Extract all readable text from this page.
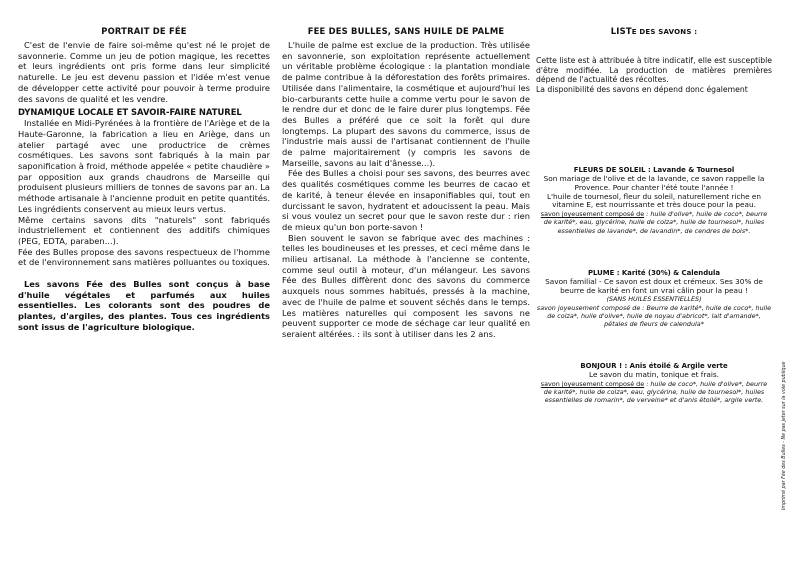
PORTRAIT DE FÉE

C'est de l'envie de faire soi-même qu'est né le projet de savonnerie. Comme un jeu de potion magique, les recettes et leurs ingrédients ont pris forme dans leur simplicité naturelle. Le jeu est devenu passion et l'idée m'est venue de développer cette activité pour pouvoir à terme produire des savons de qualité et les vendre.

DYNAMIQUE LOCALE ET SAVOIR-FAIRE NATUREL

Installée en Midi-Pyrénées à la frontière de l'Ariège et de la Haute-Garonne, la fabrication a lieu en Ariège, dans un atelier partagé avec une productrice de crèmes cosmétiques. Les savons sont fabriqués à la main par saponification à froid, méthode appelée « petite chaudière » par opposition aux grands chaudrons de Marseille qui produisent plusieurs milliers de tonnes de savons par an. La méthode artisanale à l'ancienne produit en petite quantités. Les ingrédients conservent au mieux leurs vertus.

Même certains savons dits "naturels" sont fabriqués industriellement et contiennent des additifs chimiques (PEG, EDTA, paraben...).

Fée des Bulles propose des savons respectueux de l'homme et de l'environnement sans matières polluantes ou toxiques.

Les savons Fée des Bulles sont conçus à base d'huile végétales et parfumés aux huiles essentielles. Les colorants sont des poudres de plantes, d'argiles, des plantes. Tous ces ingrédients sont issus de l'agriculture biologique.

FEE DES BULLES, SANS HUILE DE PALME

L'huile de palme est exclue de la production. Très utilisée en savonnerie, son exploitation représente actuellement un véritable problème écologique : la plantation mondiale de palme contribue à la déforestation des forêts primaires. Utilisée dans l'alimentaire, la cosmétique et aujourd'hui les bio-carburants cette huile a comme vertu pour le savon de le rendre dur et donc de le faire durer plus longtemps. Fée des Bulles a préféré que ce soit la forêt qui dure longtemps. La plupart des savons du commerce, issus de l'industrie mais aussi de l'artisanat contiennent de l'huile de palme majoritairement (y compris les savons de Marseille, savons au lait d'ânesse...).

Fée des Bulles a choisi pour ses savons, des beurres avec des qualités cosmétiques comme les beurres de cacao et de karité, à teneur élevée en insaponifiables qui, tout en durcissant le savon, hydratent et adoucissent la peau. Mais si vous voulez un secret pour que le savon reste dur : rien de mieux qu'un bon porte-savon !

Bien souvent le savon se fabrique avec des machines : telles les boudineuses et les presses, et ceci même dans le milieu artisanal. La méthode à l'ancienne se contente, comme seul outil à moteur, d'un mélangeur. Les savons Fée des Bulles diffèrent donc des savons du commerce auxquels nous sommes habitués, pressés à la machine, avec de l'huile de palme et souvent séchés dans le temps. Les matières naturelles qui composent les savons ne peuvent supporter ce mode de séchage car leur qualité en seraient altérées. : ils sont à utiliser dans les 2 ans.

LISTE DES SAVONS :

Cette liste est à attribuée à titre indicatif, elle est susceptible d'être modifiée. La production de matières premières dépend de l'actualité des récoltes.

La disponibilité des savons en dépend donc également

FLEURS DE SOLEIL : Lavande & Tournesol
Son mariage de l'olive et de la lavande, ce savon rappelle la Provence. Pour chanter l'été toute l'année !
L'huile de tournesol, fleur du soleil, naturellement riche en vitamine E, est nourrissante et très douce pour la peau.
savon joyeusement composé de : huile d'olive*, huile de coco*, beurre de karité*, eau, glycérine, huile de colza*, huile de tournesol*, huiles essentielles de lavande*, de lavandin*, de cendres de bois*.
PLUME : Karité (30%) & Calendula
Savon familial - Ce savon est doux et crémeux. Ses 30% de beurre de karité en font un vrai câlin pour la peau !
(SANS HUILES ESSENTIELLES)
savon joyeusement composé de : Beurre de karité*, huile de coco*, huile de colza*, huile d'olive*, huile de noyau d'abricot*, lait d'amande*, pétales de fleurs de calendula*
BONJOUR ! : Anis étoilé & Argile verte
Le savon du matin, tonique et frais.
savon joyeusement composé de : huile de coco*, huile d'olive*, beurre de karité*, huile de colza*, eau, glycérine, huile de tournesol*, huiles essentielles de romarin*, de verveine* et d'anis étoilé*, argile verte.	Imprimé par Fée des Bulles - Ne pas jeter sur la voie publique
